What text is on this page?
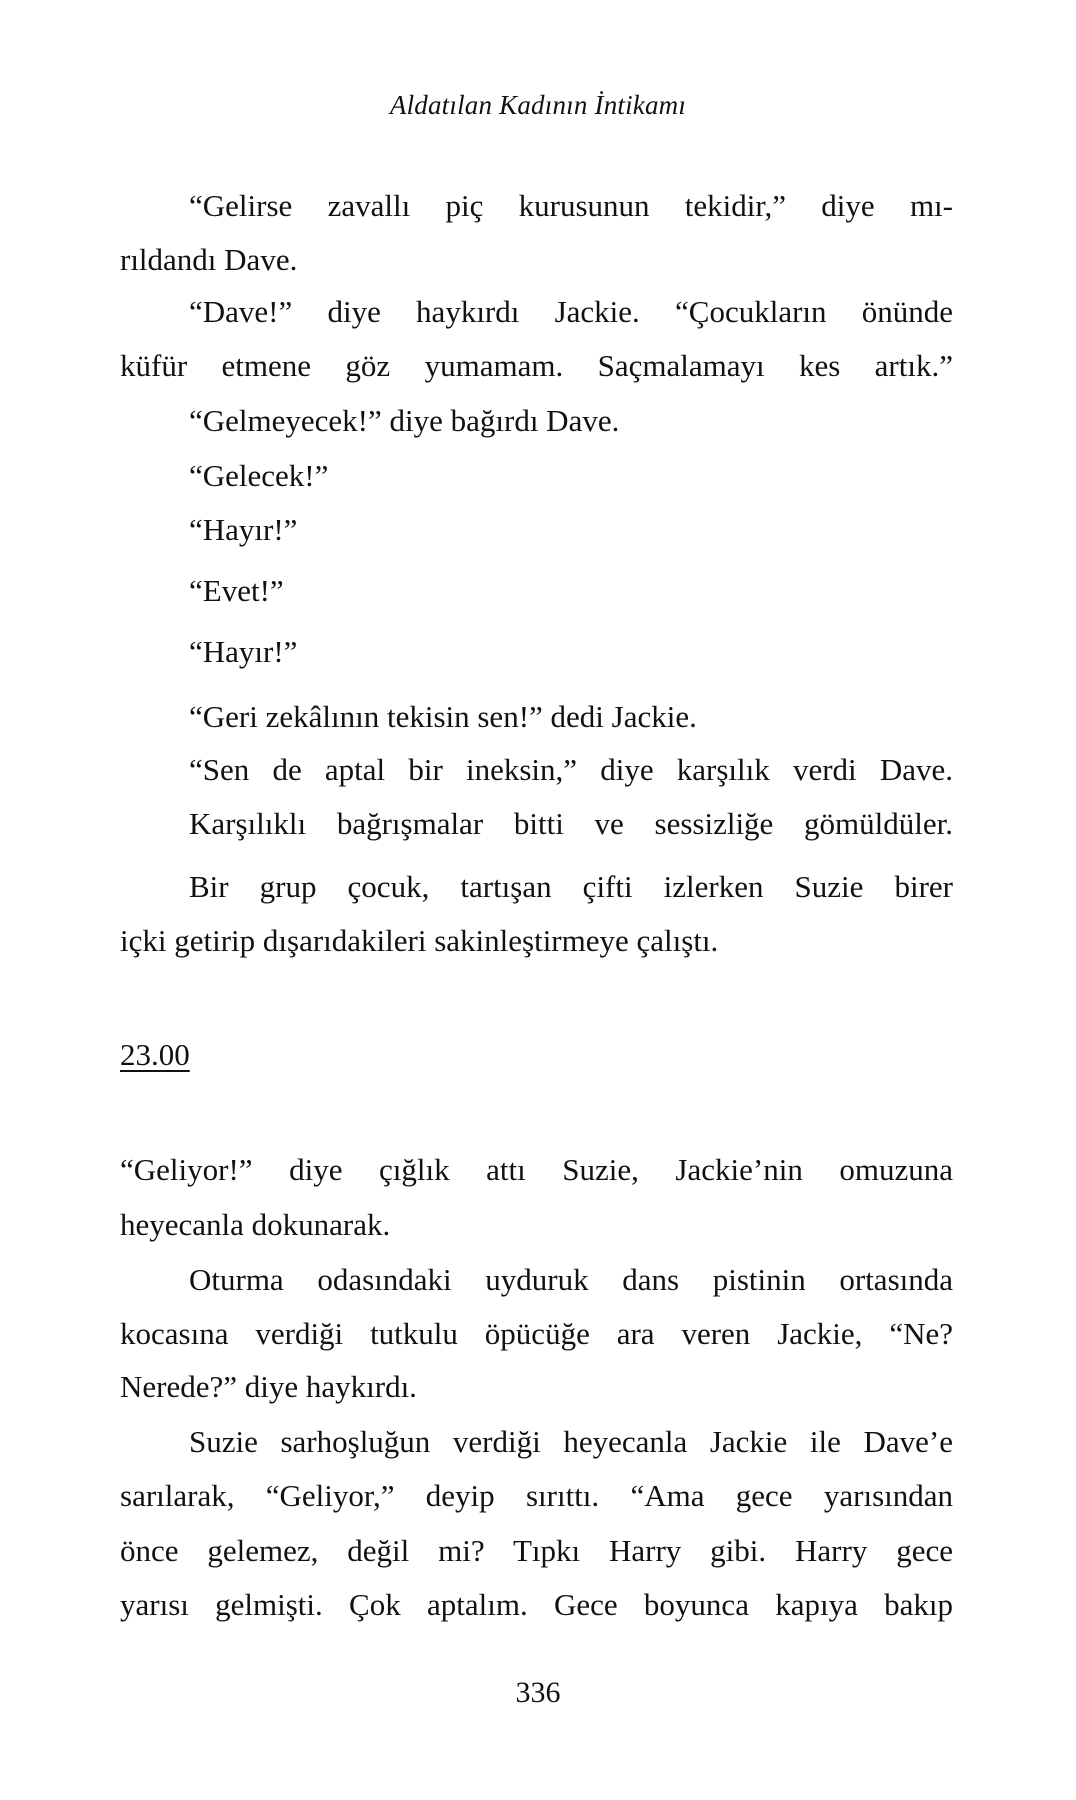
Aldatılan Kadının İntikamı
“Gelirse zavallı piç kurusunun tekidir,” diye mı-
rıldandı Dave.
“Dave!” diye haykırdı Jackie. “Çocukların önünde
küfür etmene göz yumamam. Saçmalamayı kes artık.”
“Gelmeyecek!” diye bağırdı Dave.
“Gelecek!”
“Hayır!”
“Evet!”
“Hayır!”
“Geri zekâlının tekisin sen!” dedi Jackie.
“Sen de aptal bir ineksin,” diye karşılık verdi Dave.
Karşılıklı bağrışmalar bitti ve sessizliğe gömüldüler.
Bir grup çocuk, tartışan çifti izlerken Suzie birer
içki getirip dışarıdakileri sakinleştirmeye çalıştı.
23.00
“Geliyor!” diye çığlık attı Suzie, Jackie’nin omuzuna
heyecanla dokunarak.
Oturma odasındaki uyduruk dans pistinin ortasında
kocasına verdiği tutkulu öpücüğe ara veren Jackie, “Ne?
Nerede?” diye haykırdı.
Suzie sarhoşluğun verdiği heyecanla Jackie ile Dave’e
sarılarak, “Geliyor,” deyip sırıttı. “Ama gece yarısından
önce gelemez, değil mi? Tıpkı Harry gibi. Harry gece
yarısı gelmişti. Çok aptalım. Gece boyunca kapıya bakıp
336
